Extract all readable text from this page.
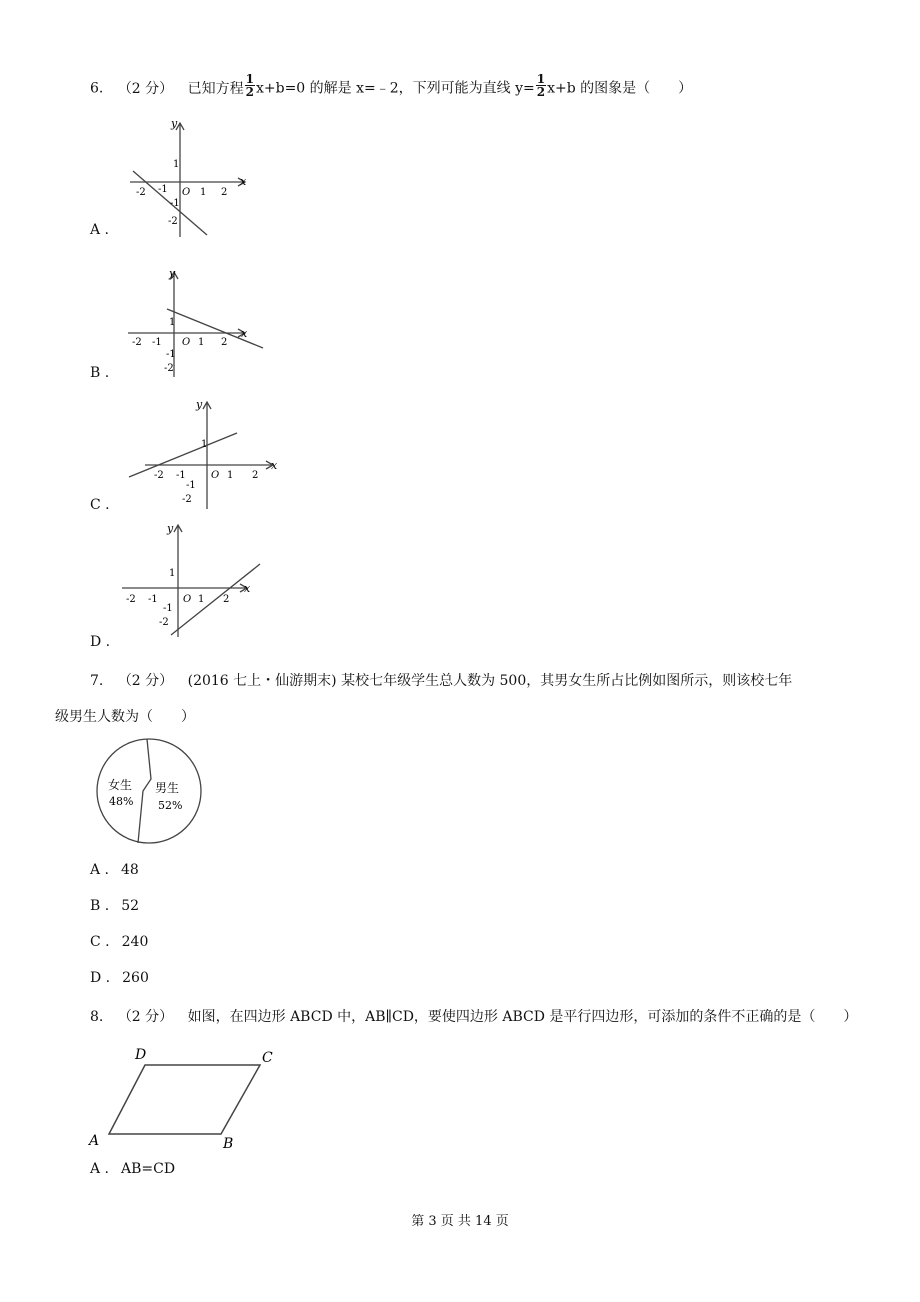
6. （2 分） 已知方程 $\frac{1}{2} x+b=0$ 的解是 x=﹣2，下列可能为直线 $y= \frac{1}{2} x+b$ 的图象是（　　）
y
x
1
O 1 2
-2 -1
-1
-2
A .
y
x
1
O 1 2
-2 -1
-1
-2
B .
y
x
1
O 1 2
-2 -1
-1
-2
C .
y
x
1
O 1 2
-2 -1
-1
-2
D .
7. （2 分） (2016 七上・仙游期末) 某校七年级学生总人数为 500，其男女生所占比例如图所示，则该校七年
级男生人数为（　　）
女生
48%
男生
52%
A . 48
B . 52
C . 240
D . 260
8. （2 分） 如图，在四边形 ABCD 中，AB∥CD，要使四边形 ABCD 是平行四边形，可添加的条件不正确的是（　　）
A	B
C
D
A . AB=CD
第 3 页 共 14 页
